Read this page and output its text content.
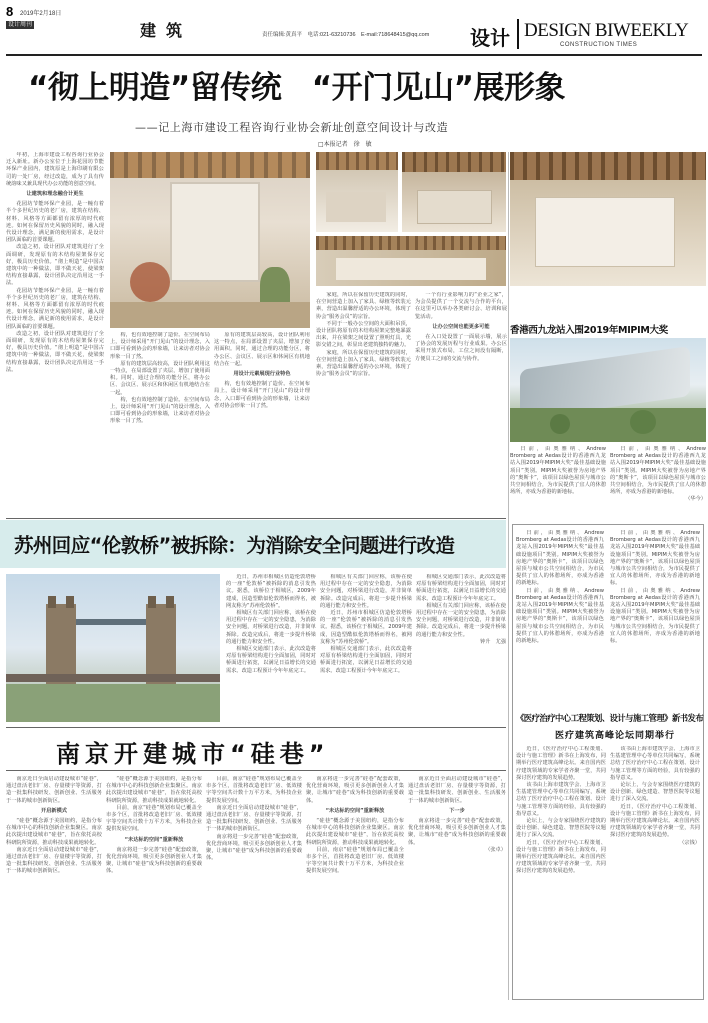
8	2019年2月18日
设计周刊	建筑	责任编辑:黄真平　电话:021-63210736　E-mail:718648415@qq.com 设计 DESIGN BIWEEKLY
CONSTRUCTION TIMES
“彻上明造”留传统　“开门见山”展形象
——记上海市建设工程咨询行业协会新址创意空间设计与改造
□本报记者　徐　敏

年初，上海市建设工程咨询行业协会迁入新址。新办公室位于上海花园坊节能环保产业园内，建筑原是上海印刷有限公司的一处厂房，经过改造，成为了具有传统韵味又兼具现代办公功能的创意空间。

让建筑和理念融合计更生

花园坊节能环保产业园，是一幢有着半个多世纪历史的老厂房，建筑在结构、材料、风格等方面都留有浓厚的时代痕迹。如何在保留历史风貌的同时，融入现代设计理念，满足新的使用需求，是设计团队面临的首要课题。

改造之初，设计团队对建筑进行了全面调研，发现原有的木结构屋架保存完好，极具历史价值。“彻上明造”是中国古建筑中的一种做法，即不做天花，使梁架结构直接暴露，设计团队决定沿用这一手法。

花园坊节能环保产业园，是一幢有着半个多世纪历史的老厂房，建筑在结构、材料、风格等方面都留有浓厚的时代痕迹。如何在保留历史风貌的同时，融入现代设计理念，满足新的使用需求，是设计团队面临的首要课题。

改造之初，设计团队对建筑进行了全面调研，发现原有的木结构屋架保存完好，极具历史价值。“彻上明造”是中国古建筑中的一种做法，即不做天花，使梁架结构直接暴露，设计团队决定沿用这一手法。

构，也有效地控制了造价。在空间布局上，设计师采用“开门见山”的设计理念，入口即可看到协会的形象墙，让来访者对协会形象一目了然。

原有的建筑层高较高，设计团队利用这一特点，在局部设置了夹层，增加了使用面积。同时，通过合理的功能分区，将办公区、会议区、展示区和休闲区有机地结合在一起。

构，也有效地控制了造价。在空间布局上，设计师采用“开门见山”的设计理念，入口即可看到协会的形象墙，让来访者对协会形象一目了然。

原有的建筑层高较高，设计团队利用这一特点，在局部设置了夹层，增加了使用面积。同时，通过合理的功能分区，将办公区、会议区、展示区和休闲区有机地结合在一起。

用设计元素展现行业特色

构，也有效地控制了造价。在空间布局上，设计师采用“开门见山”的设计理念，入口即可看到协会的形象墙，让来访者对协会形象一目了然。

家庭，所以在保留历史建筑的同时，在空间营造上加入了家具、绿植等软装元素，营造出温馨舒适的办公环境，体现了协会“服务会员”的宗旨。

不同于一般办公空间的大面积吊顶，设计团队将原有的木结构屋架完整地暴露出来，并在梁架之间设置了照明灯具，光影交错之间，彰显出老建筑独特的魅力。

家庭，所以在保留历史建筑的同时，在空间营造上加入了家具、绿植等软装元素，营造出温馨舒适的办公环境，体现了协会“服务会员”的宗旨。

一个有行业影响力的“企业之家”，为会员提供了一个交流与合作的平台，在这里可以举办各类研讨会、培训和展览活动。

让办公空间也能更多可能

在入口处设置了一面展示墙，展示了协会的发展历程与行业成果。办公区采用开放式布局，工位之间没有隔断，方便员工之间的交流与协作。

香港西九龙站入围2019年MIPIM大奖

日前，由奥雅纳、Andrew Bromberg at Aedas设计的香港西九龙站入围2019年MIPIM大奖“最佳基础设施项目”类别。MIPIM大奖被誉为房地产界的“奥斯卡”，该项目以绿色屋顶与城市公共空间相结合，为市民提供了宜人的休憩场所，亦成为香港的新地标。

日前，由奥雅纳、Andrew Bromberg at Aedas设计的香港西九龙站入围2019年MIPIM大奖“最佳基础设施项目”类别。MIPIM大奖被誉为房地产界的“奥斯卡”，该项目以绿色屋顶与城市公共空间相结合，为市民提供了宜人的休憩场所，亦成为香港的新地标。

（华今）

苏州回应“伦敦桥”被拆除：为消除安全问题进行改造

近日，苏州市相城区仿造伦敦塔桥的一座“伦敦桥”被拆除的消息引发热议。据悉，该桥位于相城区，2009年建成，因造型酷似伦敦塔桥而得名，被网友称为“苏州伦敦桥”。

相城区有关部门回应称，该桥在使用过程中存在一定的安全隐患，为消除安全问题，对桥梁进行改造，并非简单拆除。改造完成后，将进一步提升桥梁的通行能力和安全性。

相城区交通部门表示，此次改造将对原有桥梁结构进行全面加固，同时对桥面进行拓宽，以满足日益增长的交通需求。改造工程预计今年年底完工。

相城区有关部门回应称，该桥在使用过程中存在一定的安全隐患，为消除安全问题，对桥梁进行改造，并非简单拆除。改造完成后，将进一步提升桥梁的通行能力和安全性。

近日，苏州市相城区仿造伦敦塔桥的一座“伦敦桥”被拆除的消息引发热议。据悉，该桥位于相城区，2009年建成，因造型酷似伦敦塔桥而得名，被网友称为“苏州伦敦桥”。

相城区交通部门表示，此次改造将对原有桥梁结构进行全面加固，同时对桥面进行拓宽，以满足日益增长的交通需求。改造工程预计今年年底完工。

相城区交通部门表示，此次改造将对原有桥梁结构进行全面加固，同时对桥面进行拓宽，以满足日益增长的交通需求。改造工程预计今年年底完工。

相城区有关部门回应称，该桥在使用过程中存在一定的安全隐患，为消除安全问题，对桥梁进行改造，并非简单拆除。改造完成后，将进一步提升桥梁的通行能力和安全性。

钟升　尤强

《医疗治疗中心工程策划、设计与施工管理》新书发布
医疗建筑高峰论坛同期举行

日前，由奥雅纳、Andrew Bromberg at Aedas设计的香港西九龙站入围2019年MIPIM大奖“最佳基础设施项目”类别。MIPIM大奖被誉为房地产界的“奥斯卡”，该项目以绿色屋顶与城市公共空间相结合，为市民提供了宜人的休憩场所，亦成为香港的新地标。

日前，由奥雅纳、Andrew Bromberg at Aedas设计的香港西九龙站入围2019年MIPIM大奖“最佳基础设施项目”类别。MIPIM大奖被誉为房地产界的“奥斯卡”，该项目以绿色屋顶与城市公共空间相结合，为市民提供了宜人的休憩场所，亦成为香港的新地标。

日前，由奥雅纳、Andrew Bromberg at Aedas设计的香港西九龙站入围2019年MIPIM大奖“最佳基础设施项目”类别。MIPIM大奖被誉为房地产界的“奥斯卡”，该项目以绿色屋顶与城市公共空间相结合，为市民提供了宜人的休憩场所，亦成为香港的新地标。

日前，由奥雅纳、Andrew Bromberg at Aedas设计的香港西九龙站入围2019年MIPIM大奖“最佳基础设施项目”类别。MIPIM大奖被誉为房地产界的“奥斯卡”，该项目以绿色屋顶与城市公共空间相结合，为市民提供了宜人的休憩场所，亦成为香港的新地标。

近日，《医疗治疗中心工程策划、设计与施工管理》新书在上海发布，同期举行医疗建筑高峰论坛。来自国内医疗建筑领域的专家学者齐聚一堂，共同探讨医疗建筑的发展趋势。

该书由上海市建筑学会、上海市卫生基建管理中心等单位共同编写，系统总结了医疗治疗中心工程在策划、设计与施工管理等方面的经验，具有较强的指导意义。

论坛上，与会专家围绕医疗建筑的设计创新、绿色建造、智慧医院等议题进行了深入交流。

近日，《医疗治疗中心工程策划、设计与施工管理》新书在上海发布，同期举行医疗建筑高峰论坛。来自国内医疗建筑领域的专家学者齐聚一堂，共同探讨医疗建筑的发展趋势。

该书由上海市建筑学会、上海市卫生基建管理中心等单位共同编写，系统总结了医疗治疗中心工程在策划、设计与施工管理等方面的经验，具有较强的指导意义。

论坛上，与会专家围绕医疗建筑的设计创新、绿色建造、智慧医院等议题进行了深入交流。

近日，《医疗治疗中心工程策划、设计与施工管理》新书在上海发布，同期举行医疗建筑高峰论坛。来自国内医疗建筑领域的专家学者齐聚一堂，共同探讨医疗建筑的发展趋势。

（宗钱）

南京开建城市“硅巷”

南京近日全面启动建设城市“硅巷”，通过盘活老旧厂房、存量楼宇等资源，打造一批集科技研发、创新创业、生活服务于一体的城市创新街区。

开启新模式

“硅巷”概念源于美国纽约，是指分布在城市中心的科技创新企业集聚区。南京此次提出建设城市“硅巷”，旨在依托高校科研院所资源，推动科技成果就地转化。

南京近日全面启动建设城市“硅巷”，通过盘活老旧厂房、存量楼宇等资源，打造一批集科技研发、创新创业、生活服务于一体的城市创新街区。

“硅巷”概念源于美国纽约，是指分布在城市中心的科技创新企业集聚区。南京此次提出建设城市“硅巷”，旨在依托高校科研院所资源，推动科技成果就地转化。

目前，南京“硅巷”规划布局已覆盖全市多个区，首批将改造老旧厂房、低效楼宇等空间共计数十万平方米，为科技企业提供发展空间。

“未达标的空间”重新释放

南京将进一步完善“硅巷”配套政策，优化营商环境，吸引更多创新创业人才集聚，让城市“硅巷”成为科技创新的重要载体。

目前，南京“硅巷”规划布局已覆盖全市多个区，首批将改造老旧厂房、低效楼宇等空间共计数十万平方米，为科技企业提供发展空间。

南京近日全面启动建设城市“硅巷”，通过盘活老旧厂房、存量楼宇等资源，打造一批集科技研发、创新创业、生活服务于一体的城市创新街区。

南京将进一步完善“硅巷”配套政策，优化营商环境，吸引更多创新创业人才集聚，让城市“硅巷”成为科技创新的重要载体。

南京将进一步完善“硅巷”配套政策，优化营商环境，吸引更多创新创业人才集聚，让城市“硅巷”成为科技创新的重要载体。

“未达标的空间”重新释放

“硅巷”概念源于美国纽约，是指分布在城市中心的科技创新企业集聚区。南京此次提出建设城市“硅巷”，旨在依托高校科研院所资源，推动科技成果就地转化。

目前，南京“硅巷”规划布局已覆盖全市多个区，首批将改造老旧厂房、低效楼宇等空间共计数十万平方米，为科技企业提供发展空间。

南京近日全面启动建设城市“硅巷”，通过盘活老旧厂房、存量楼宇等资源，打造一批集科技研发、创新创业、生活服务于一体的城市创新街区。

下一步

南京将进一步完善“硅巷”配套政策，优化营商环境，吸引更多创新创业人才集聚，让城市“硅巷”成为科技创新的重要载体。

（张卓）
